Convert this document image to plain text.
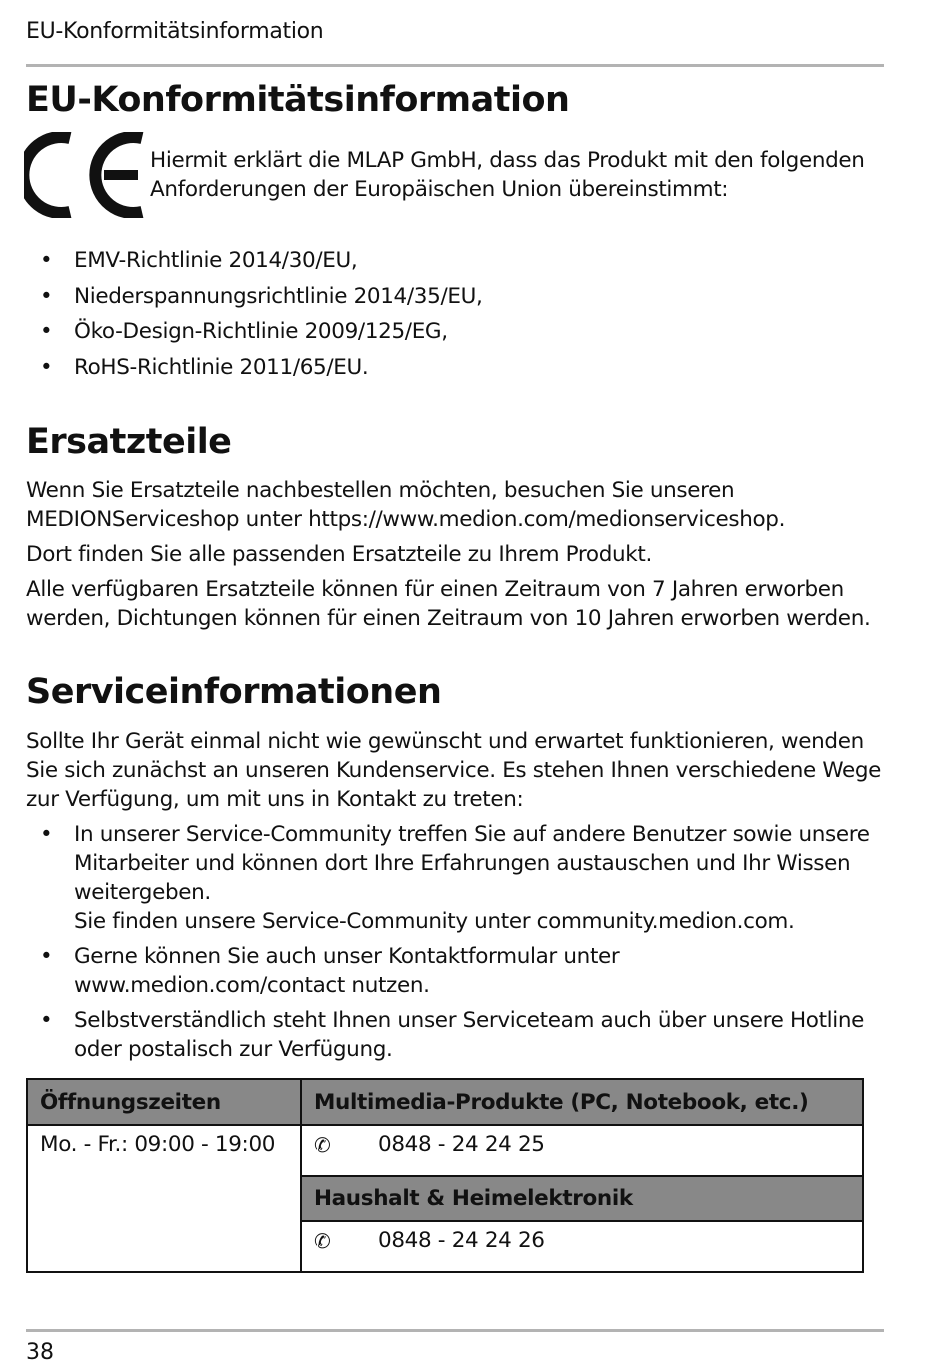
EU-Konformitätsinformation
EU-Konformitätsinformation
Hiermit erklärt die MLAP GmbH, dass das Produkt mit den folgenden Anforderungen der Europäischen Union übereinstimmt:
• EMV-Richtlinie 2014/30/EU,
• Niederspannungsrichtlinie 2014/35/EU,
• Öko-Design-Richtlinie 2009/125/EG,
• RoHS-Richtlinie 2011/65/EU.
Ersatzteile

Wenn Sie Ersatzteile nachbestellen möchten, besuchen Sie unseren MEDIONServiceshop unter https://www.medion.com/medionserviceshop.

Dort finden Sie alle passenden Ersatzteile zu Ihrem Produkt.

Alle verfügbaren Ersatzteile können für einen Zeitraum von 7 Jahren erworben werden, Dichtungen können für einen Zeitraum von 10 Jahren erworben werden.

Serviceinformationen
Sollte Ihr Gerät einmal nicht wie gewünscht und erwartet funktionieren, wenden Sie sich zunächst an unseren Kundenservice. Es stehen Ihnen verschiedene Wege zur Verfügung, um mit uns in Kontakt zu treten:
• In unserer Service-Community treffen Sie auf andere Benutzer sowie unsere Mitarbeiter und können dort Ihre Erfahrungen austauschen und Ihr Wissen weitergeben.
Sie finden unsere Service-Community unter community.medion.com.
• Gerne können Sie auch unser Kontaktformular unter www.medion.com/contact nutzen.
• Selbstverständlich steht Ihnen unser Serviceteam auch über unsere Hotline oder postalisch zur Verfügung.
Öffnungszeiten	Multimedia-Produkte (PC, Notebook, etc.)
Mo. - Fr.: 09:00 - 19:00	✆ 0848 - 24 24 25

	Haushalt & Heimelektronik

	✆ 0848 - 24 24 26
38
